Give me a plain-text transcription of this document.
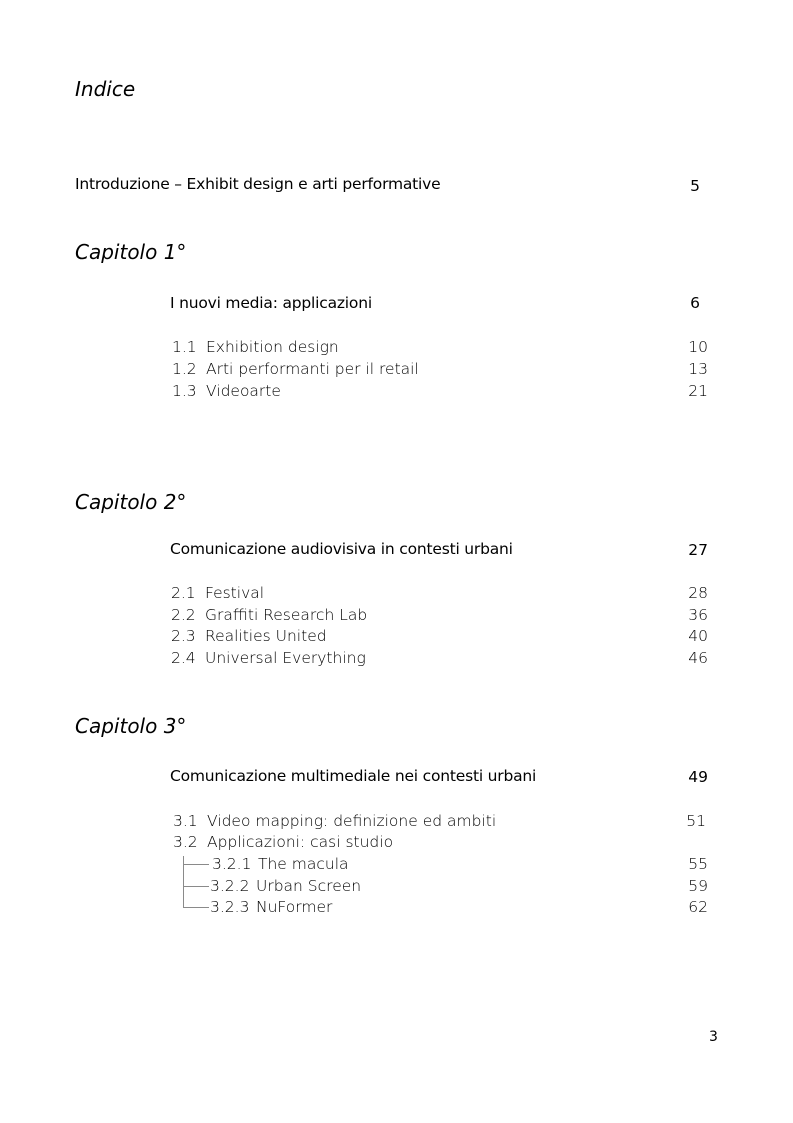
Indice
Introduzione – Exhibit design e arti performative	5
Capitolo 1°
I nuovi media: applicazioni	6
1.1 Exhibition design	10
1.2 Arti performanti per il retail	13
1.3 Videoarte	21
Capitolo 2°
Comunicazione audiovisiva in contesti urbani	27
2.1 Festival	28
2.2 Graffiti Research Lab	36
2.3 Realities United	40
2.4 Universal Everything	46
Capitolo 3°
Comunicazione multimediale nei contesti urbani	49
3.1 Video mapping: definizione ed ambiti	51
3.2 Applicazioni: casi studio
3.2.1 The macula	55
3.2.2 Urban Screen	59
3.2.3 NuFormer	62
3
